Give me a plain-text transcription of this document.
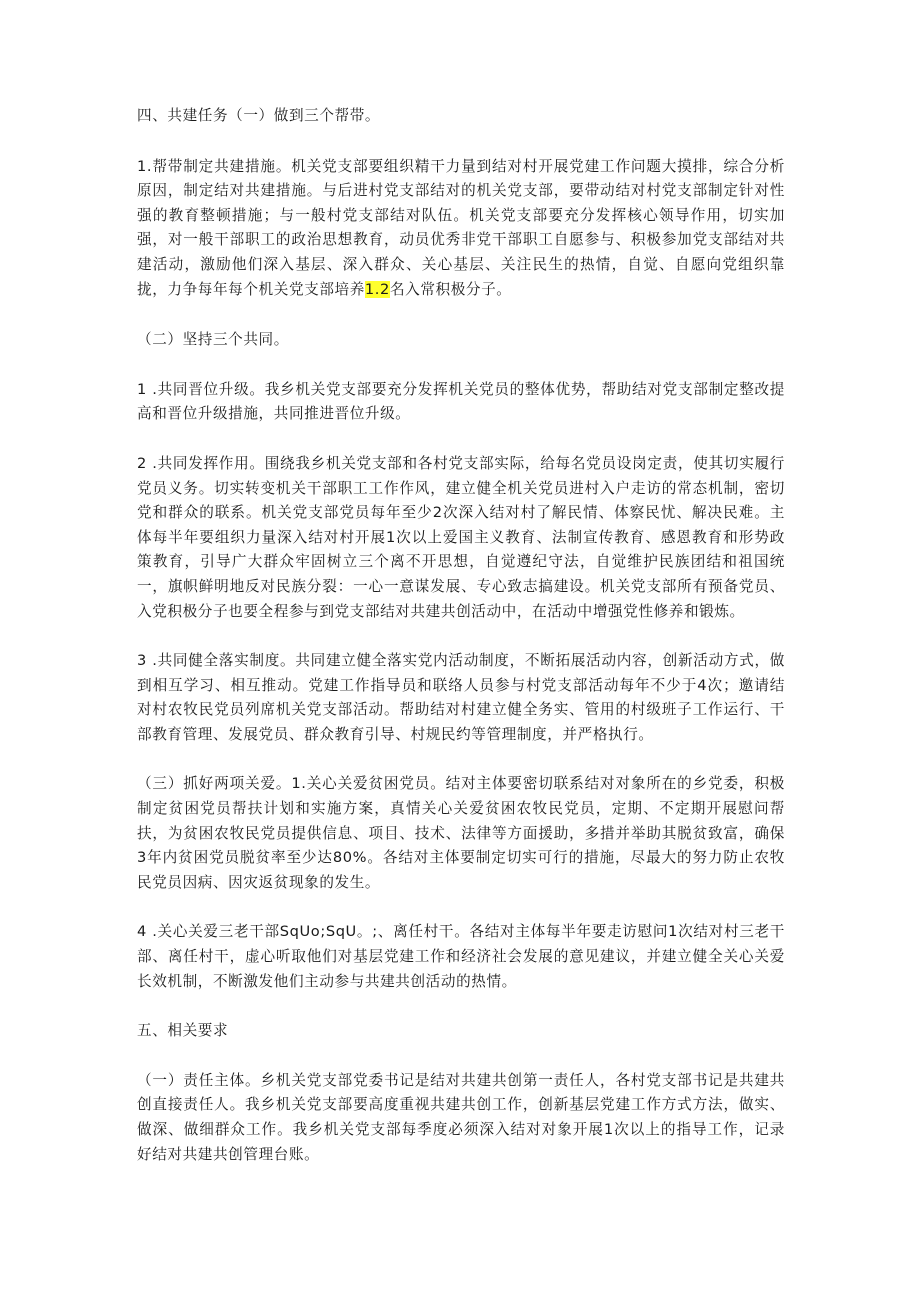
四、共建任务（一）做到三个帮带。

1.帮带制定共建措施。机关党支部要组织精干力量到结对村开展党建工作问题大摸排，综合分析原因，制定结对共建措施。与后进村党支部结对的机关党支部，要带动结对村党支部制定针对性强的教育整顿措施；与一般村党支部结对队伍。机关党支部要充分发挥核心领导作用，切实加强，对一般干部职工的政治思想教育，动员优秀非党干部职工自愿参与、积极参加党支部结对共建活动，激励他们深入基层、深入群众、关心基层、关注民生的热情，自觉、自愿向党组织靠拢，力争每年每个机关党支部培养1.2名入常积极分子。

（二）坚持三个共同。

1 .共同晋位升级。我乡机关党支部要充分发挥机关党员的整体优势，帮助结对党支部制定整改提高和晋位升级措施，共同推进晋位升级。

2 .共同发挥作用。围绕我乡机关党支部和各村党支部实际，给每名党员设岗定责，使其切实履行党员义务。切实转变机关干部职工工作作风，建立健全机关党员进村入户走访的常态机制，密切党和群众的联系。机关党支部党员每年至少2次深入结对村了解民情、体察民忧、解决民难。主体每半年要组织力量深入结对村开展1次以上爱国主义教育、法制宣传教育、感恩教育和形势政策教育，引导广大群众牢固树立三个离不开思想，自觉遵纪守法，自觉维护民族团结和祖国统一，旗帜鲜明地反对民族分裂：一心一意谋发展、专心致志搞建设。机关党支部所有预备党员、入党积极分子也要全程参与到党支部结对共建共创活动中，在活动中增强党性修养和锻炼。

3 .共同健全落实制度。共同建立健全落实党内活动制度，不断拓展活动内容，创新活动方式，做到相互学习、相互推动。党建工作指导员和联络人员参与村党支部活动每年不少于4次；邀请结对村农牧民党员列席机关党支部活动。帮助结对村建立健全务实、管用的村级班子工作运行、干部教育管理、发展党员、群众教育引导、村规民约等管理制度，并严格执行。

（三）抓好两项关爱。1.关心关爱贫困党员。结对主体要密切联系结对对象所在的乡党委，积极制定贫困党员帮扶计划和实施方案，真情关心关爱贫困农牧民党员，定期、不定期开展慰问帮扶，为贫困农牧民党员提供信息、项目、技术、法律等方面援助，多措并举助其脱贫致富，确保3年内贫困党员脱贫率至少达80%。各结对主体要制定切实可行的措施，尽最大的努力防止农牧民党员因病、因灾返贫现象的发生。

4 .关心关爱三老干部SqUo;SqU。;、离任村干。各结对主体每半年要走访慰问1次结对村三老干部、离任村干，虚心听取他们对基层党建工作和经济社会发展的意见建议，并建立健全关心关爱长效机制，不断激发他们主动参与共建共创活动的热情。

五、相关要求

（一）责任主体。乡机关党支部党委书记是结对共建共创第一责任人，各村党支部书记是共建共创直接责任人。我乡机关党支部要高度重视共建共创工作，创新基层党建工作方式方法，做实、做深、做细群众工作。我乡机关党支部每季度必须深入结对对象开展1次以上的指导工作，记录好结对共建共创管理台账。
